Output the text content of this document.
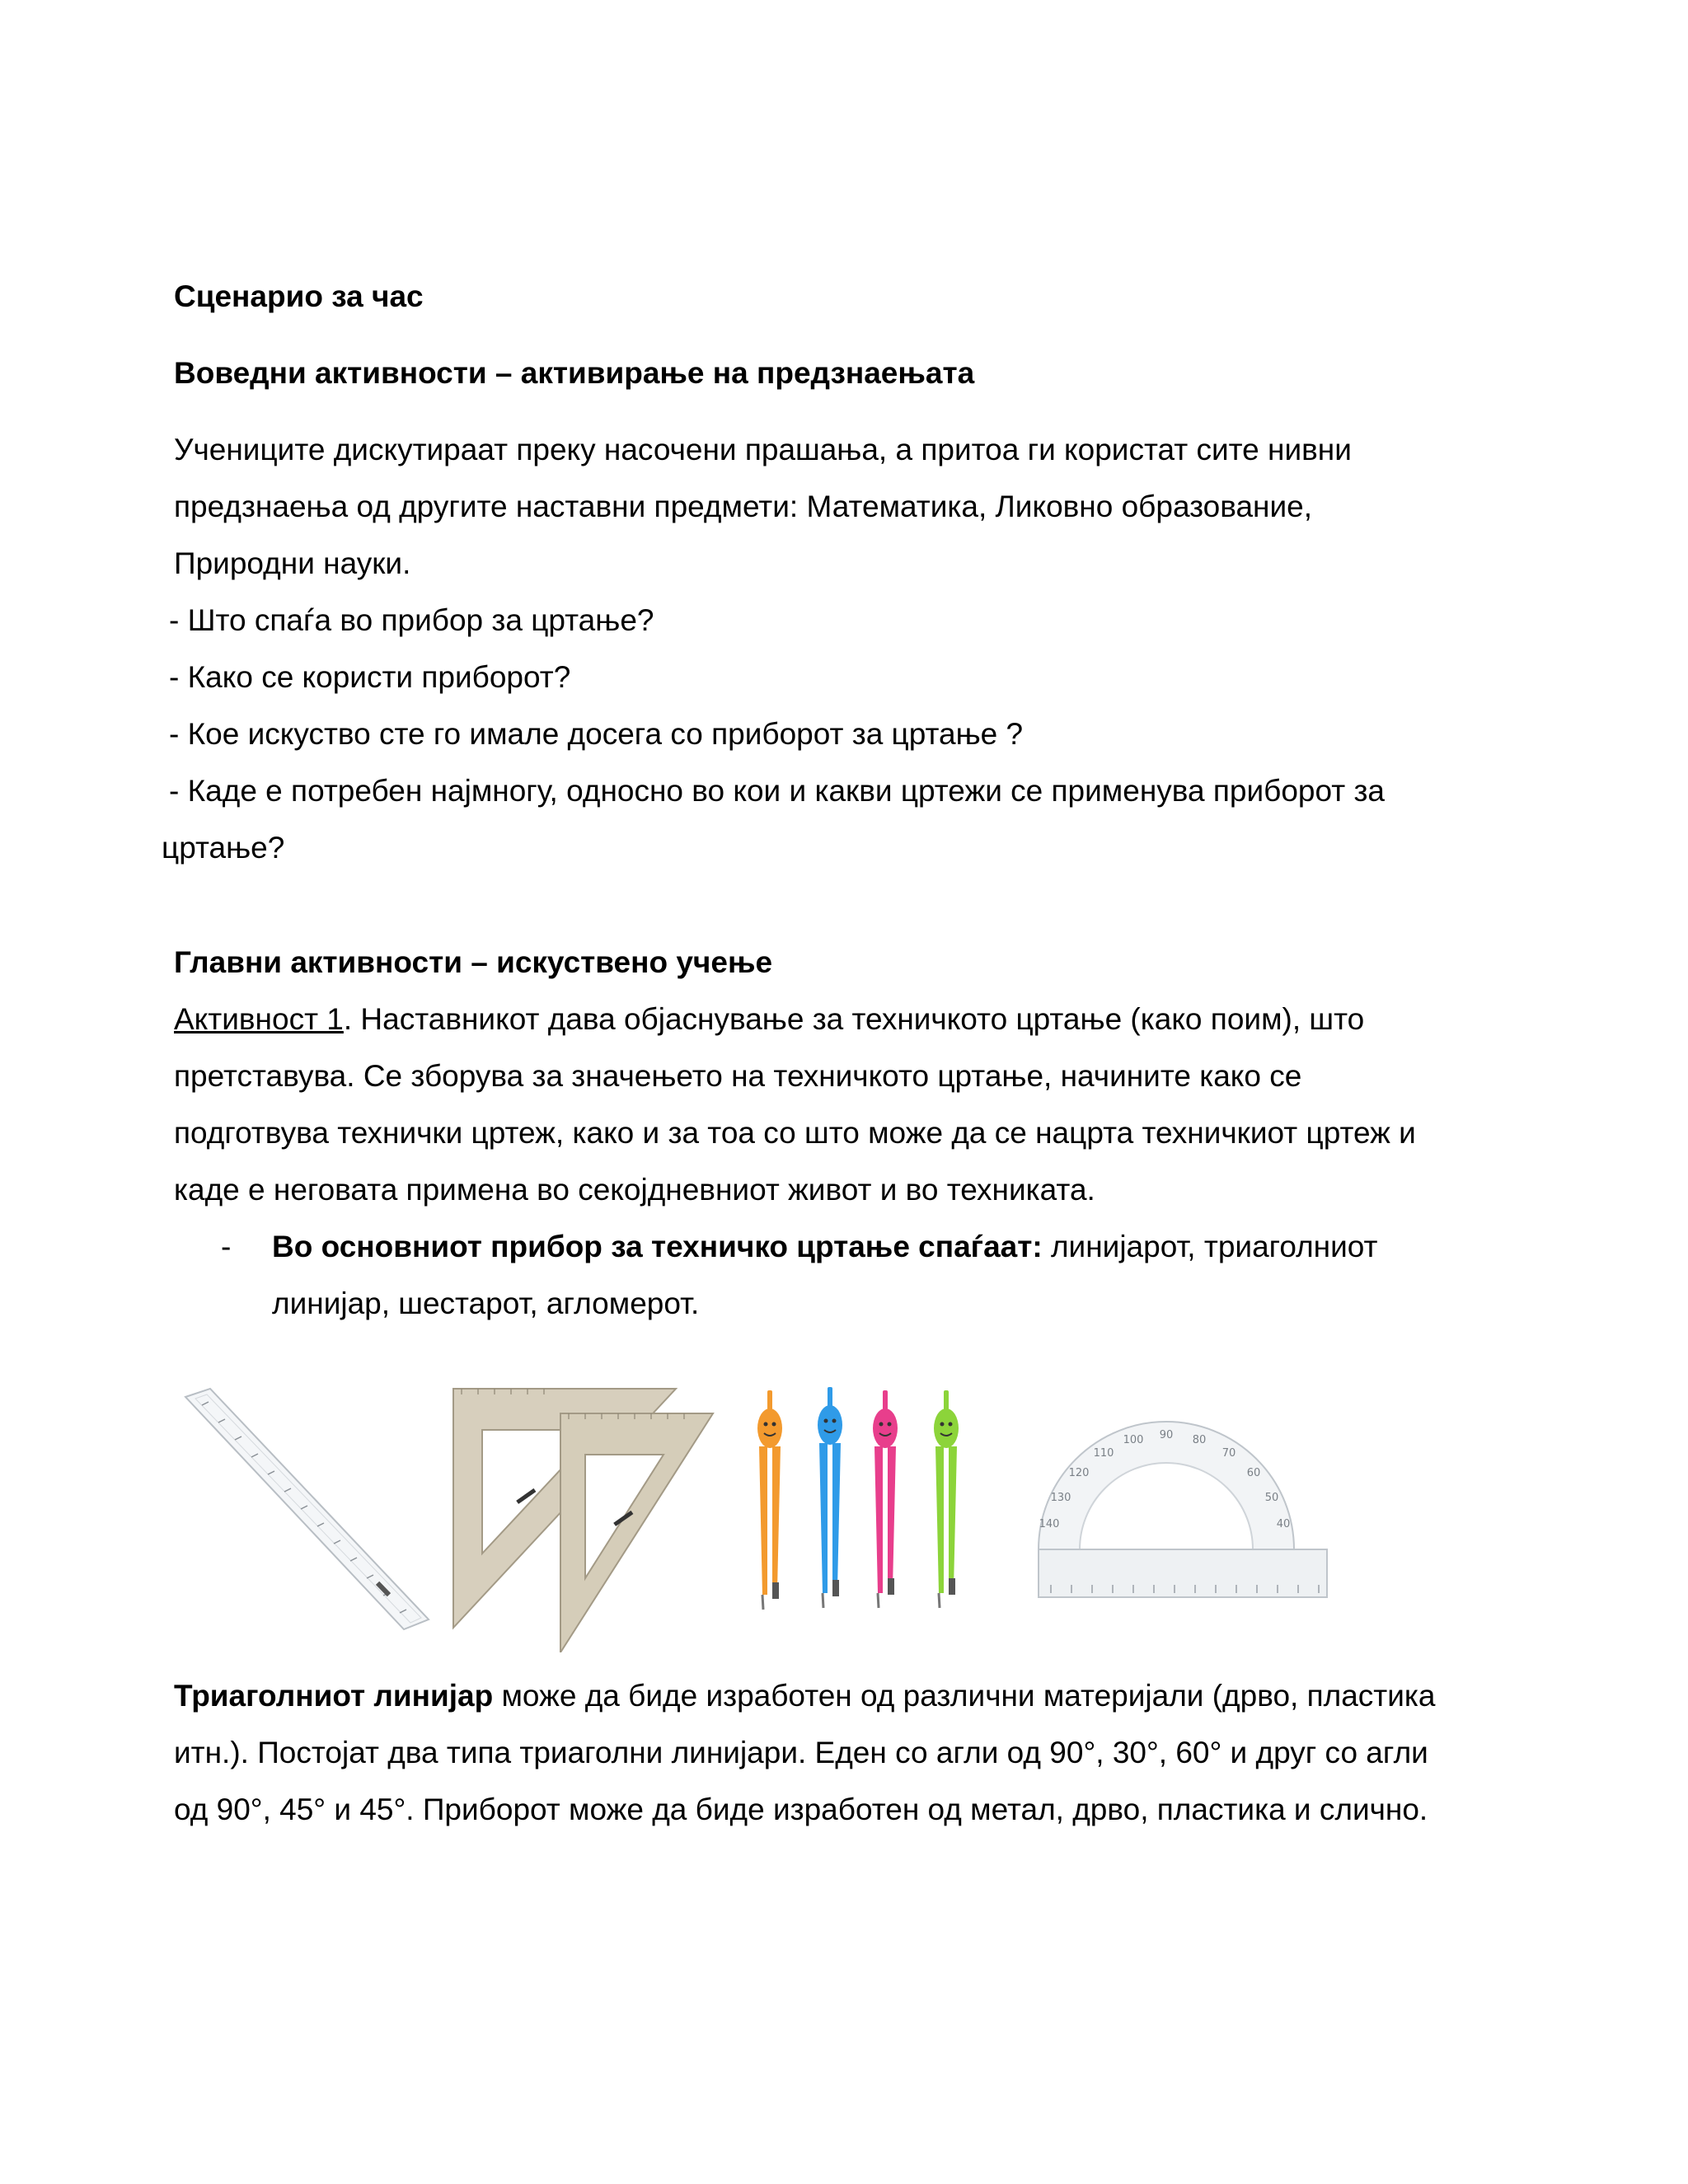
Сценарио за час
Воведни активности – активирање на предзнаењата
Учениците дискутираат преку насочени прашања, а притоа ги користат сите нивни
предзнаења од другите наставни предмети: Математика, Ликовно образование,
Природни науки.
- Што спаѓа во прибор за цртање?
- Како се користи приборот?
- Кое искуство сте го имале досега со приборот за цртање ?
- Каде е потребен најмногу, односно во кои и какви цртежи се применува приборот за
цртање?
Главни активности – искуствено учење
Активност 1. Наставникот дава објаснување за техничкото цртање (како поим), што
претставува. Се зборува за значењето на техничкото цртање, начините како се
подготвува технички цртеж, како и за тоа со што може да се нацрта техничкиот цртеж и
каде е неговата примена во секојдневниот живот и во техниката.
- Во основниот прибор за техничко цртање спаѓаат: линијарот, триаголниот
линијар, шестарот, агломерот.
90 80
70
60
50
40
100
110
120
130
140
Триаголниот линијар може да биде изработен од различни материјали (дрво, пластика
итн.). Постојат два типа триаголни линијари. Еден со агли од 90°, 30°, 60° и друг со агли
од 90°, 45° и 45°. Приборот може да биде изработен од метал, дрво, пластика и слично.
